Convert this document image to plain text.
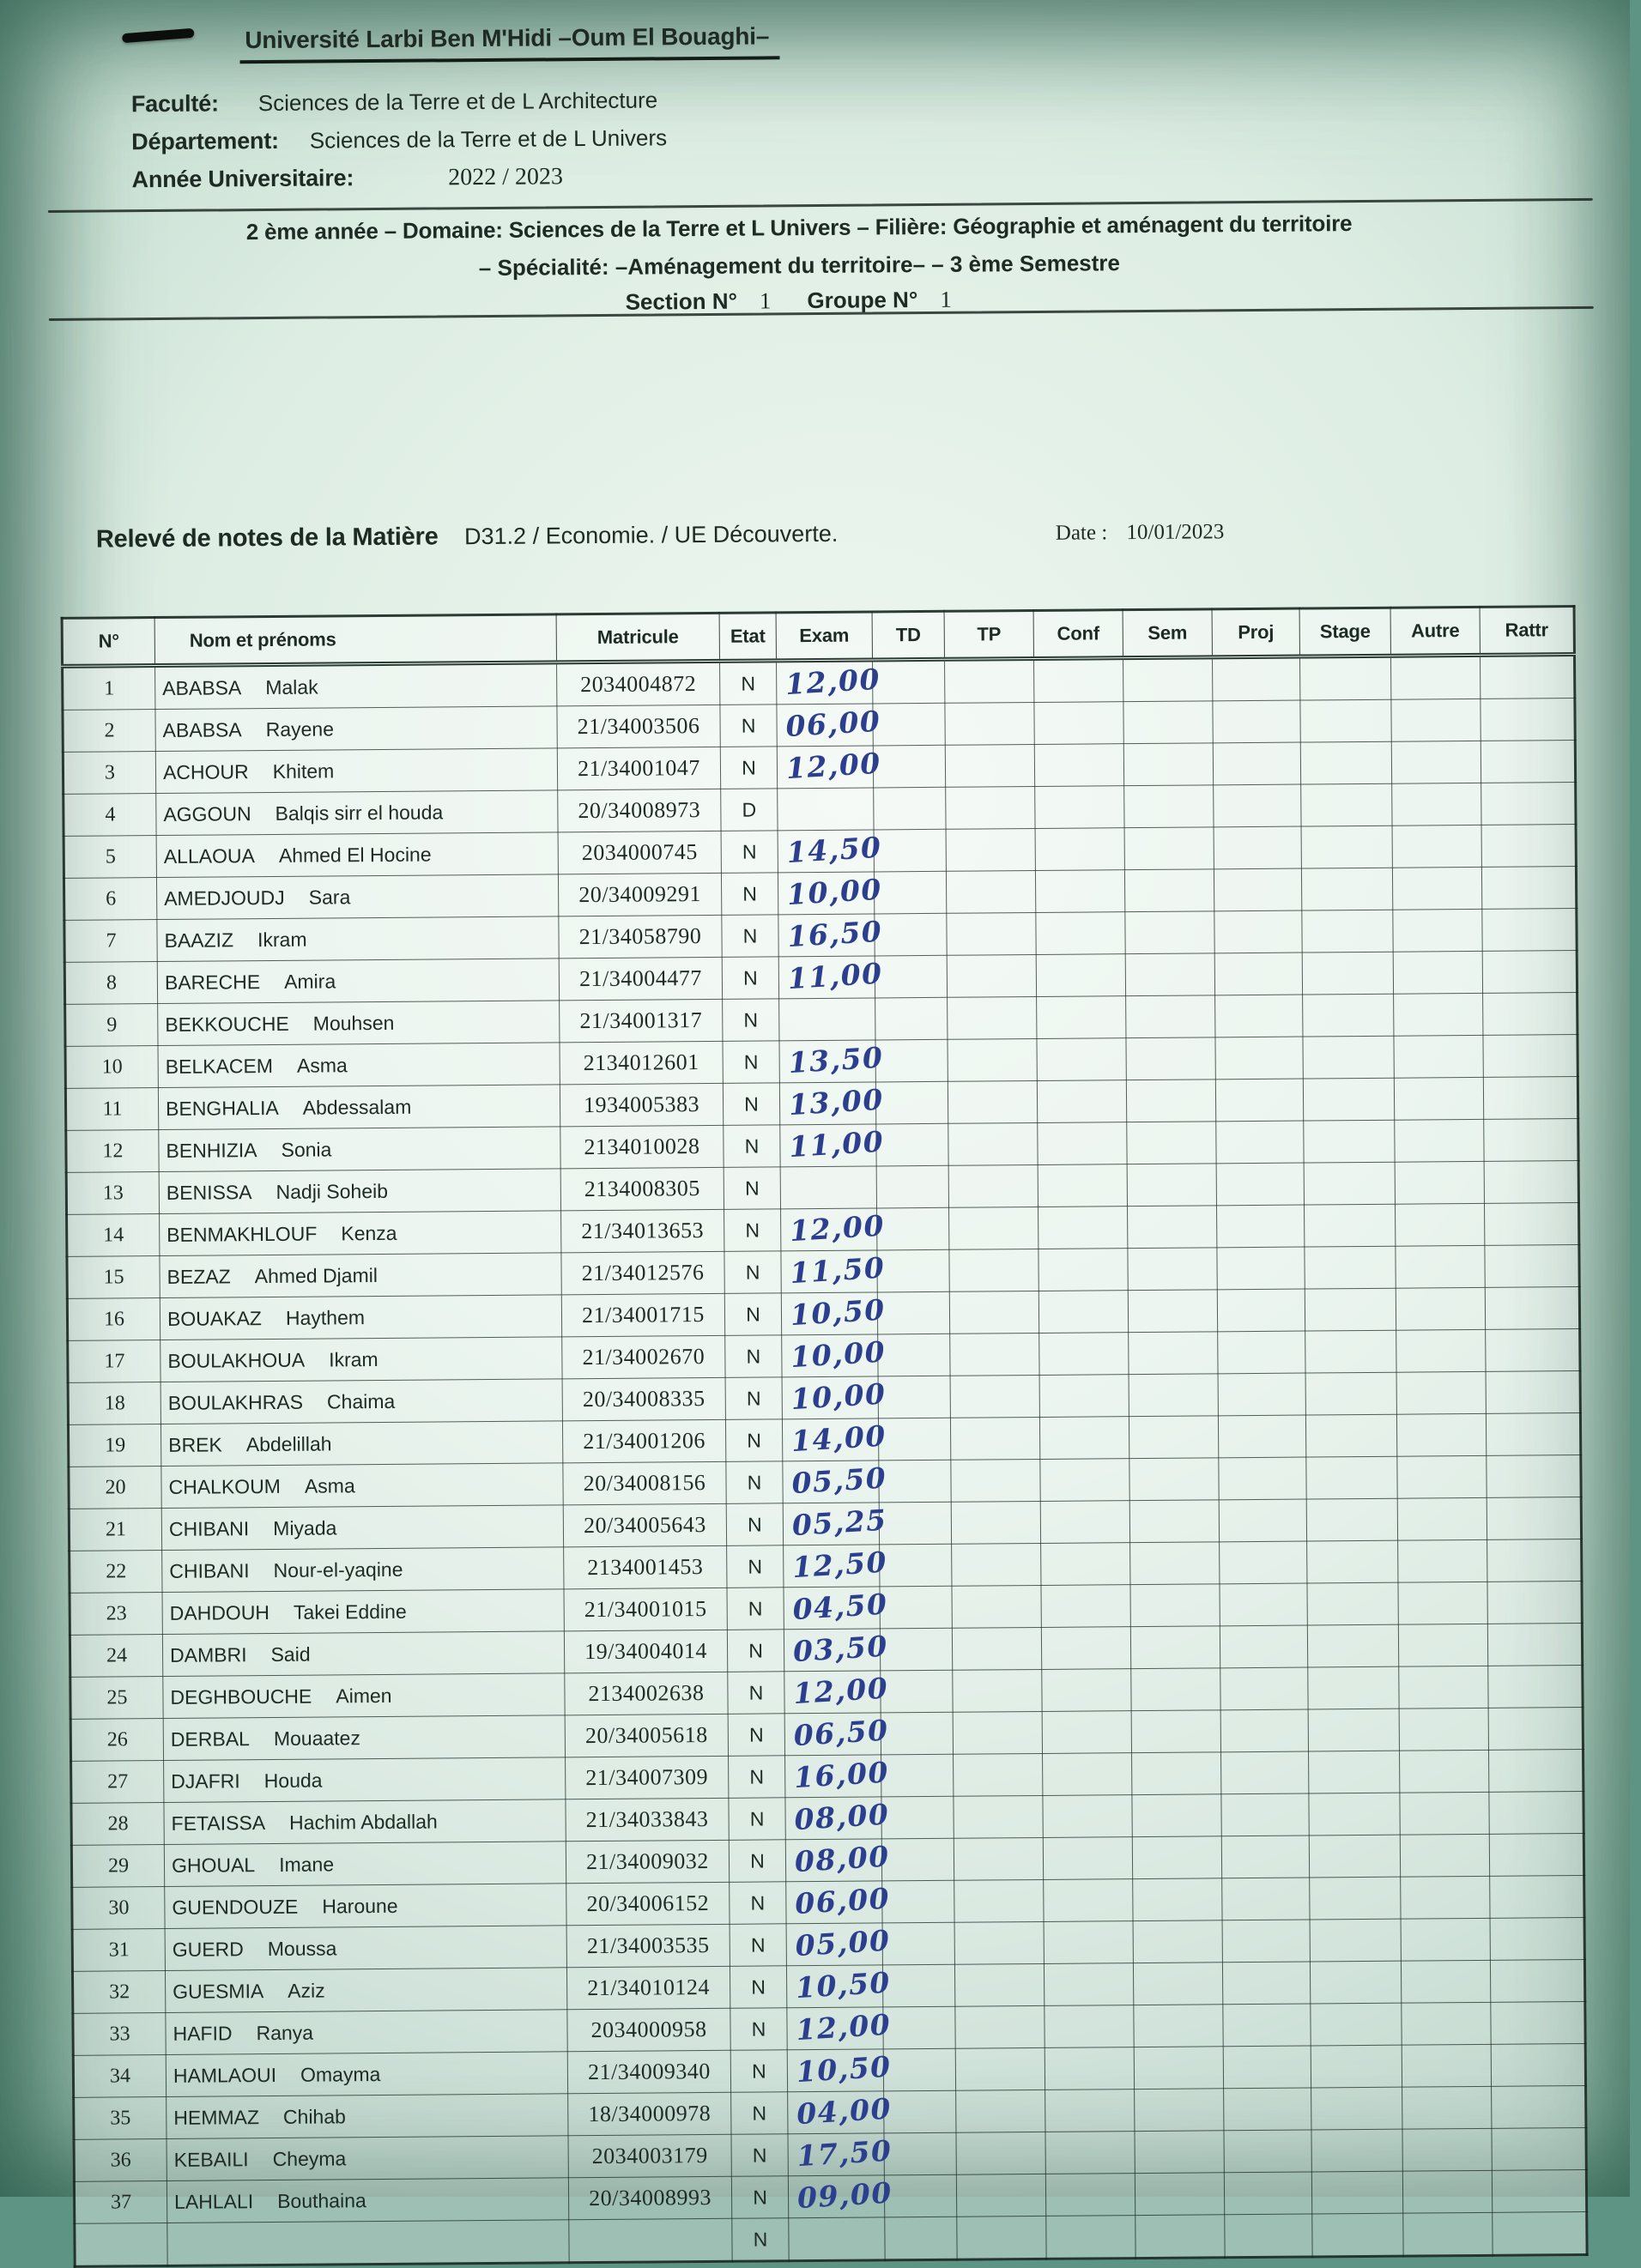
Université Larbi Ben M'Hidi –Oum El Bouaghi–
Faculté: Sciences de la Terre et de L Architecture
Département: Sciences de la Terre et de L Univers
Année Universitaire:	2022 / 2023
2 ème année – Domaine: Sciences de la Terre et L Univers – Filière: Géographie et aménagent du territoire
– Spécialité: –Aménagement du territoire– – 3 ème Semestre
Section N° 1 Groupe N° 1
Relevé de notes de la Matière D31.2 / Economie. / UE Découverte.	Date : 10/01/2023
N°	Nom et prénoms	Matricule	Etat	Exam	TD	TP	Conf	Sem	Proj	Stage	Autre	Rattr
1	ABABSA Malak	2034004872	N	12,00								
2	ABABSA Rayene	21/34003506	N	06,00								
3	ACHOUR Khitem	21/34001047	N	12,00								
4	AGGOUN Balqis sirr el houda	20/34008973	D									
5	ALLAOUA Ahmed El Hocine	2034000745	N	14,50								
6	AMEDJOUDJ Sara	20/34009291	N	10,00								
7	BAAZIZ Ikram	21/34058790	N	16,50								
8	BARECHE Amira	21/34004477	N	11,00								
9	BEKKOUCHE Mouhsen	21/34001317	N									
10	BELKACEM Asma	2134012601	N	13,50								
11	BENGHALIA Abdessalam	1934005383	N	13,00								
12	BENHIZIA Sonia	2134010028	N	11,00								
13	BENISSA Nadji Soheib	2134008305	N									
14	BENMAKHLOUF Kenza	21/34013653	N	12,00								
15	BEZAZ Ahmed Djamil	21/34012576	N	11,50								
16	BOUAKAZ Haythem	21/34001715	N	10,50								
17	BOULAKHOUA Ikram	21/34002670	N	10,00								
18	BOULAKHRAS Chaima	20/34008335	N	10,00								
19	BREK Abdelillah	21/34001206	N	14,00								
20	CHALKOUM Asma	20/34008156	N	05,50								
21	CHIBANI Miyada	20/34005643	N	05,25								
22	CHIBANI Nour-el-yaqine	2134001453	N	12,50								
23	DAHDOUH Takei Eddine	21/34001015	N	04,50								
24	DAMBRI Said	19/34004014	N	03,50								
25	DEGHBOUCHE Aimen	2134002638	N	12,00								
26	DERBAL Mouaatez	20/34005618	N	06,50								
27	DJAFRI Houda	21/34007309	N	16,00								
28	FETAISSA Hachim Abdallah	21/34033843	N	08,00								
29	GHOUAL Imane	21/34009032	N	08,00								
30	GUENDOUZE Haroune	20/34006152	N	06,00								
31	GUERD Moussa	21/34003535	N	05,00								
32	GUESMIA Aziz	21/34010124	N	10,50								
33	HAFID Ranya	2034000958	N	12,00								
34	HAMLAOUI Omayma	21/34009340	N	10,50								
35	HEMMAZ Chihab	18/34000978	N	04,00								
36	KEBAILI Cheyma	2034003179	N	17,50								
37	LAHLALI Bouthaina	20/34008993	N	09,00								
			N									
